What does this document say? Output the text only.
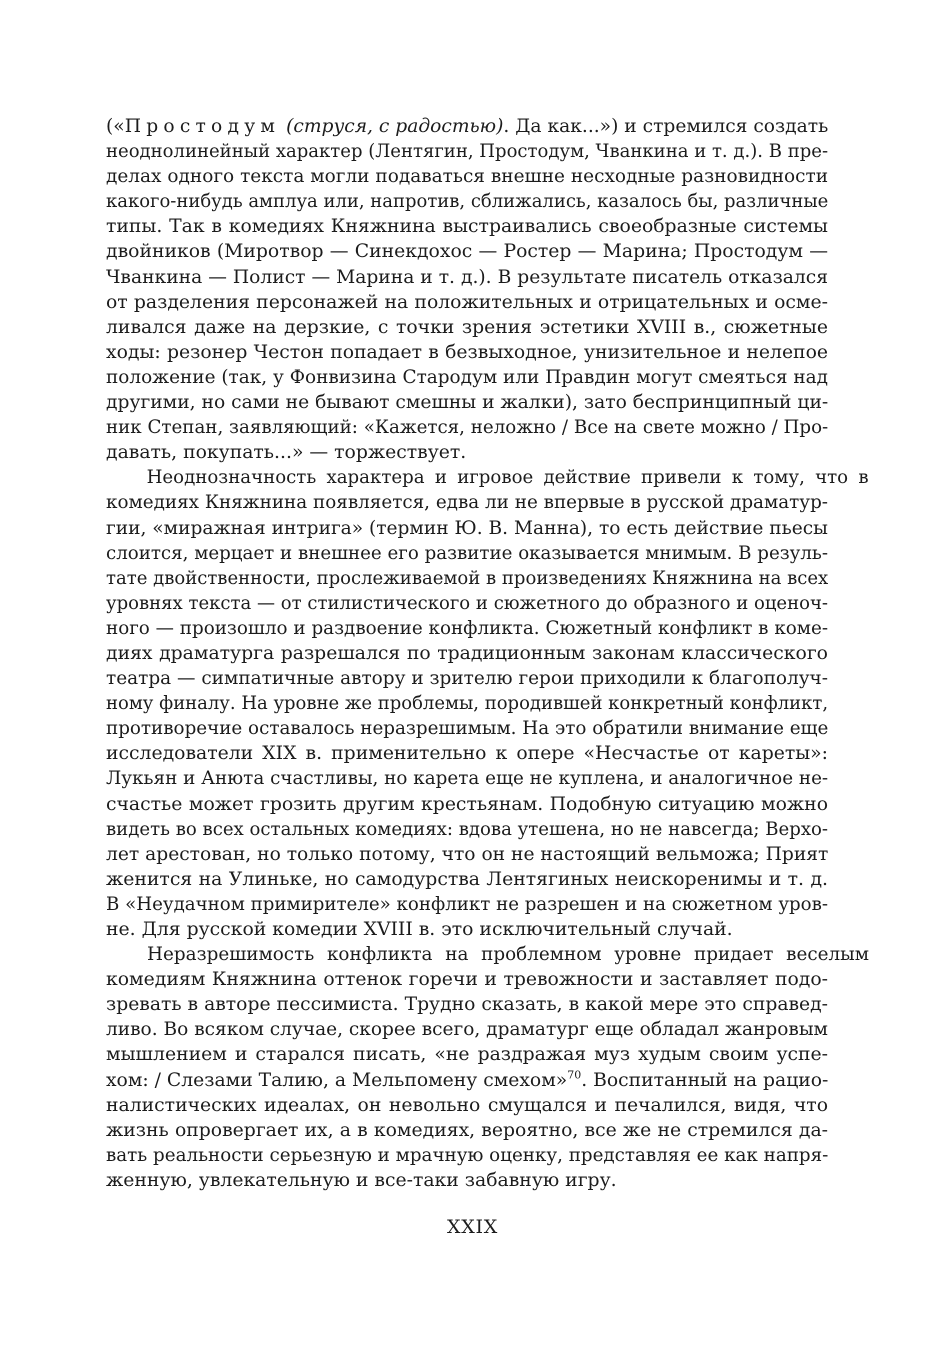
(«Простодум (струся, с радостью). Да как...») и стремился создать
неоднолинейный характер (Лентягин, Простодум, Чванкина и т. д.). В пре-
делах одного текста могли подаваться внешне несходные разновидности
какого-нибудь амплуа или, напротив, сближались, казалось бы, различные
типы. Так в комедиях Княжнина выстраивались своеобразные системы
двойников (Миротвор — Синекдохос — Ростер — Марина; Простодум —
Чванкина — Полист — Марина и т. д.). В результате писатель отказался
от разделения персонажей на положительных и отрицательных и осме-
ливался даже на дерзкие, с точки зрения эстетики XVIII в., сюжетные
ходы: резонер Честон попадает в безвыходное, унизительное и нелепое
положение (так, у Фонвизина Стародум или Правдин могут смеяться над
другими, но сами не бывают смешны и жалки), зато беспринципный ци-
ник Степан, заявляющий: «Кажется, неложно / Все на свете можно / Про-
давать, покупать...» — торжествует.
Неоднозначность характера и игровое действие привели к тому, что в
комедиях Княжнина появляется, едва ли не впервые в русской драматур-
гии, «миражная интрига» (термин Ю. В. Манна), то есть действие пьесы
слоится, мерцает и внешнее его развитие оказывается мнимым. В резуль-
тате двойственности, прослеживаемой в произведениях Княжнина на всех
уровнях текста — от стилистического и сюжетного до образного и оценоч-
ного — произошло и раздвоение конфликта. Сюжетный конфликт в коме-
диях драматурга разрешался по традиционным законам классического
театра — симпатичные автору и зрителю герои приходили к благополуч-
ному финалу. На уровне же проблемы, породившей конкретный конфликт,
противоречие оставалось неразрешимым. На это обратили внимание еще
исследователи XIX в. применительно к опере «Несчастье от кареты»:
Лукьян и Анюта счастливы, но карета еще не куплена, и аналогичное не-
счастье может грозить другим крестьянам. Подобную ситуацию можно
видеть во всех остальных комедиях: вдова утешена, но не навсегда; Верхо-
лет арестован, но только потому, что он не настоящий вельможа; Прият
женится на Улиньке, но самодурства Лентягиных неискоренимы и т. д.
В «Неудачном примирителе» конфликт не разрешен и на сюжетном уров-
не. Для русской комедии XVIII в. это исключительный случай.
Неразрешимость конфликта на проблемном уровне придает веселым
комедиям Княжнина оттенок горечи и тревожности и заставляет подо-
зревать в авторе пессимиста. Трудно сказать, в какой мере это справед-
ливо. Во всяком случае, скорее всего, драматург еще обладал жанровым
мышлением и старался писать, «не раздражая муз худым своим успе-
хом: / Слезами Талию, а Мельпомену смехом»$^{70}$. Воспитанный на рацио-
налистических идеалах, он невольно смущался и печалился, видя, что
жизнь опровергает их, а в комедиях, вероятно, все же не стремился да-
вать реальности серьезную и мрачную оценку, представляя ее как напря-
женную, увлекательную и все-таки забавную игру.
XXIX
